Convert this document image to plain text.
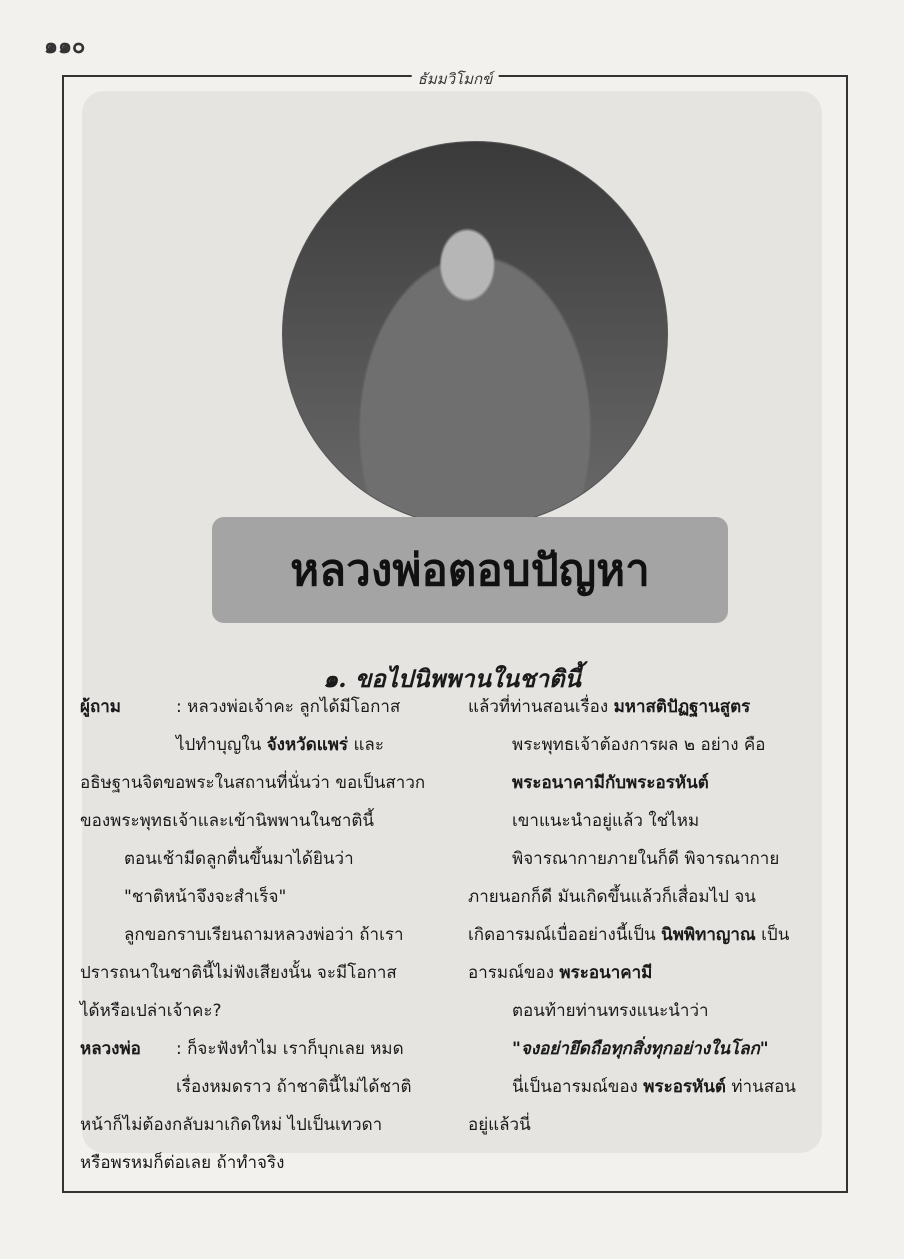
๑๑๐
ธัมมวิโมกข์
หลวงพ่อตอบปัญหา
๑. ขอไปนิพพานในชาตินี้
ผู้ถาม	: หลวงพ่อเจ้าคะ ลูกได้มีโอกาส
ไปทำบุญใน จังหวัดแพร่ และ
อธิษฐานจิตขอพระในสถานที่นั่นว่า ขอเป็นสาวก
ของพระพุทธเจ้าและเข้านิพพานในชาตินี้
ตอนเช้ามีดลูกตื่นขึ้นมาได้ยินว่า
"ชาติหน้าจึงจะสำเร็จ"
ลูกขอกราบเรียนถามหลวงพ่อว่า ถ้าเรา
ปรารถนาในชาตินี้ไม่ฟังเสียงนั้น จะมีโอกาส
ได้หรือเปล่าเจ้าคะ?
หลวงพ่อ : ก็จะฟังทำไม เราก็บุกเลย หมด
เรื่องหมดราว ถ้าชาตินี้ไม่ได้ชาติ
หน้าก็ไม่ต้องกลับมาเกิดใหม่ ไปเป็นเทวดา
หรือพรหมก็ต่อเลย ถ้าทำจริง
แล้วที่ท่านสอนเรื่อง มหาสติปัฏฐานสูตร
พระพุทธเจ้าต้องการผล ๒ อย่าง คือ
พระอนาคามีกับพระอรหันต์
เขาแนะนำอยู่แล้ว ใช่ไหม
พิจารณากายภายในก็ดี พิจารณากาย
ภายนอกก็ดี มันเกิดขึ้นแล้วก็เสื่อมไป จน
เกิดอารมณ์เบื่ออย่างนี้เป็น นิพพิทาญาณ เป็น
อารมณ์ของ พระอนาคามี
ตอนท้ายท่านทรงแนะนำว่า
"จงอย่ายึดถือทุกสิ่งทุกอย่างในโลก"
นี่เป็นอารมณ์ของ พระอรหันต์ ท่านสอน
อยู่แล้วนี่
